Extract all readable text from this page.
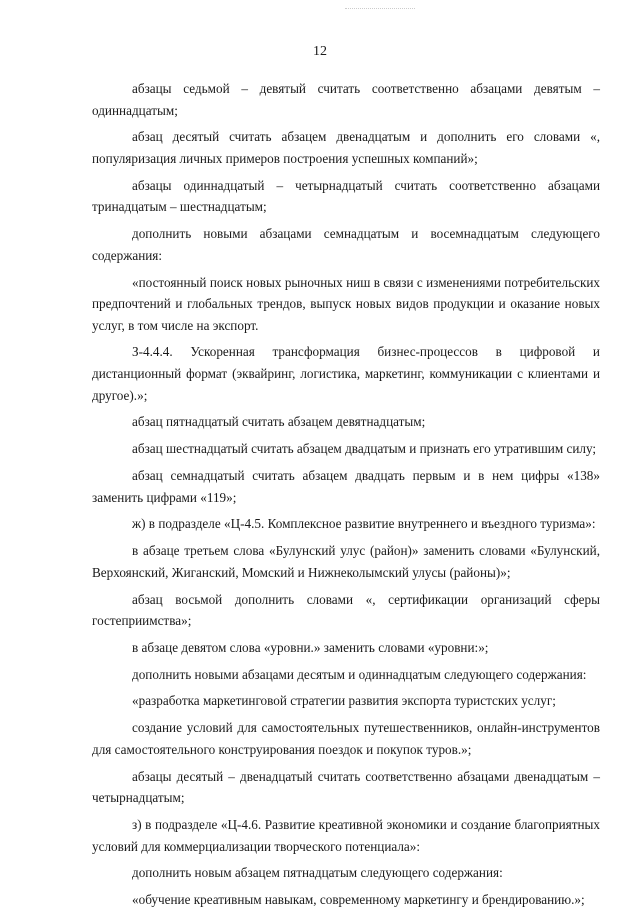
12

абзацы седьмой – девятый считать соответственно абзацами девятым – одиннадцатым;

абзац десятый считать абзацем двенадцатым и дополнить его словами «, популяризация личных примеров построения успешных компаний»;

абзацы одиннадцатый – четырнадцатый считать соответственно абзацами тринадцатым – шестнадцатым;

дополнить новыми абзацами семнадцатым и восемнадцатым следующего содержания:

«постоянный поиск новых рыночных ниш в связи с изменениями потребительских предпочтений и глобальных трендов, выпуск новых видов продукции и оказание новых услуг, в том числе на экспорт.

З-4.4.4. Ускоренная трансформация бизнес-процессов в цифровой и дистанционный формат (эквайринг, логистика, маркетинг, коммуникации с клиентами и другое).»;

абзац пятнадцатый считать абзацем девятнадцатым;

абзац шестнадцатый считать абзацем двадцатым и признать его утратившим силу;

абзац семнадцатый считать абзацем двадцать первым и в нем цифры «138» заменить цифрами «119»;

ж) в подразделе «Ц-4.5. Комплексное развитие внутреннего и въездного туризма»:

в абзаце третьем слова «Булунский улус (район)» заменить словами «Булунский, Верхоянский, Жиганский, Момский и Нижнеколымский улусы (районы)»;

абзац восьмой дополнить словами «, сертификации организаций сферы гостеприимства»;

в абзаце девятом слова «уровни.» заменить словами «уровни:»;

дополнить новыми абзацами десятым и одиннадцатым следующего содержания:

«разработка маркетинговой стратегии развития экспорта туристских услуг;

создание условий для самостоятельных путешественников, онлайн-инструментов для самостоятельного конструирования поездок и покупок туров.»;

абзацы десятый – двенадцатый считать соответственно абзацами двенадцатым – четырнадцатым;

з) в подразделе «Ц-4.6. Развитие креативной экономики и создание благоприятных условий для коммерциализации творческого потенциала»:

дополнить новым абзацем пятнадцатым следующего содержания:

«обучение креативным навыкам, современному маркетингу и брендированию.»;
